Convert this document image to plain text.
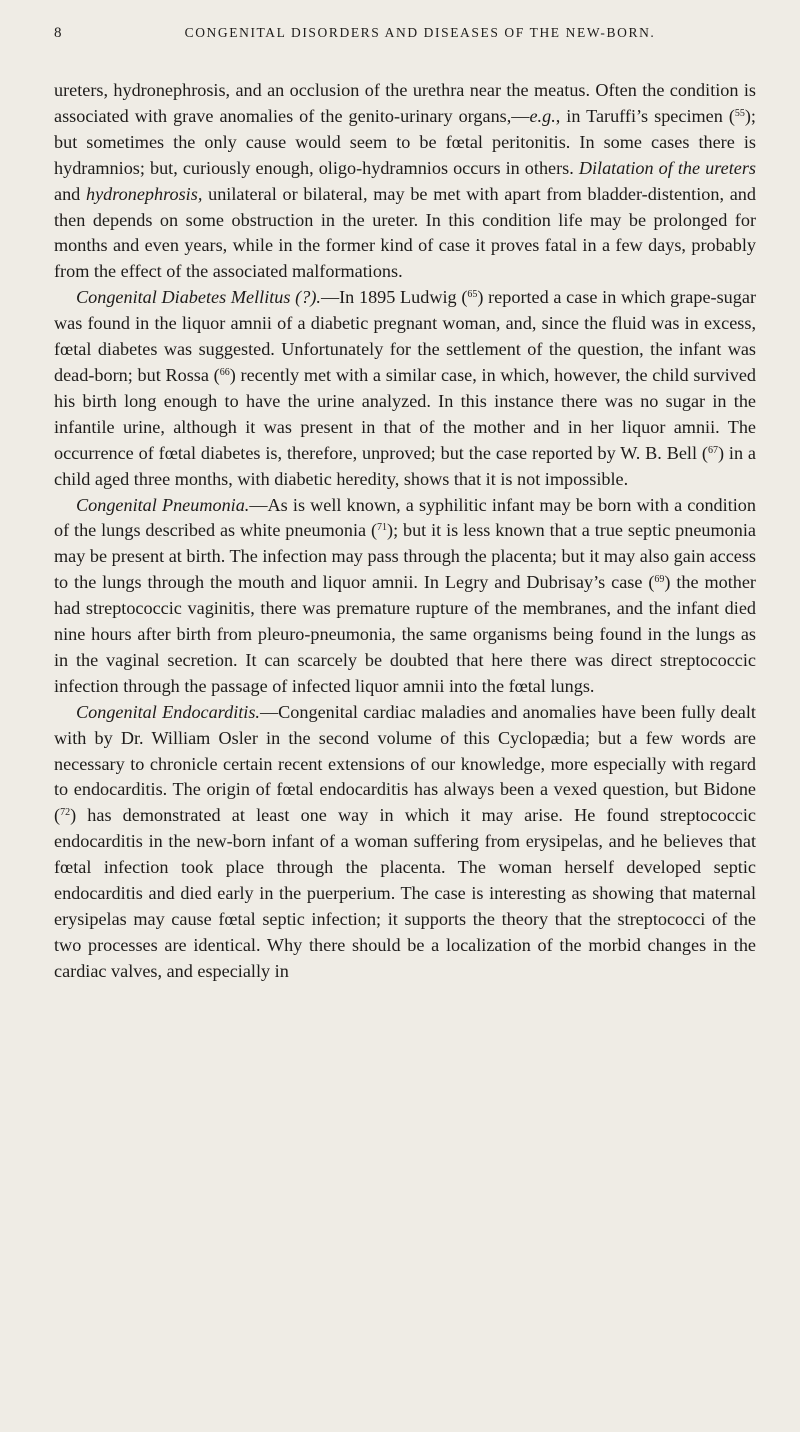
8	CONGENITAL DISORDERS AND DISEASES OF THE NEW-BORN.

ureters, hydronephrosis, and an occlusion of the urethra near the meatus. Often the condition is associated with grave anomalies of the genito-urinary organs,—e.g., in Taruffi’s specimen ($^{55}$); but sometimes the only cause would seem to be fœtal peritonitis. In some cases there is hydramnios; but, curiously enough, oligo-hydramnios occurs in others. Dilatation of the ureters and hydronephrosis, unilateral or bilateral, may be met with apart from bladder-distention, and then depends on some obstruction in the ureter. In this condition life may be prolonged for months and even years, while in the former kind of case it proves fatal in a few days, probably from the effect of the associated malformations.

Congenital Diabetes Mellitus (?).—In 1895 Ludwig ($^{65}$) reported a case in which grape-sugar was found in the liquor amnii of a diabetic pregnant woman, and, since the fluid was in excess, fœtal diabetes was suggested. Unfortunately for the settlement of the question, the infant was dead-born; but Rossa ($^{66}$) recently met with a similar case, in which, however, the child survived his birth long enough to have the urine analyzed. In this instance there was no sugar in the infantile urine, although it was present in that of the mother and in her liquor amnii. The occurrence of fœtal diabetes is, therefore, unproved; but the case reported by W. B. Bell ($^{67}$) in a child aged three months, with diabetic heredity, shows that it is not impossible.

Congenital Pneumonia.—As is well known, a syphilitic infant may be born with a condition of the lungs described as white pneumonia ($^{71}$); but it is less known that a true septic pneumonia may be present at birth. The infection may pass through the placenta; but it may also gain access to the lungs through the mouth and liquor amnii. In Legry and Dubrisay’s case ($^{69}$) the mother had streptococcic vaginitis, there was premature rupture of the membranes, and the infant died nine hours after birth from pleuro-pneumonia, the same organisms being found in the lungs as in the vaginal secretion. It can scarcely be doubted that here there was direct streptococcic infection through the passage of infected liquor amnii into the fœtal lungs.

Congenital Endocarditis.—Congenital cardiac maladies and anomalies have been fully dealt with by Dr. William Osler in the second volume of this Cyclopædia; but a few words are necessary to chronicle certain recent extensions of our knowledge, more especially with regard to endocarditis. The origin of fœtal endocarditis has always been a vexed question, but Bidone ($^{72}$) has demonstrated at least one way in which it may arise. He found streptococcic endocarditis in the new-born infant of a woman suffering from erysipelas, and he believes that fœtal infection took place through the placenta. The woman herself developed septic endocarditis and died early in the puerperium. The case is interesting as showing that maternal erysipelas may cause fœtal septic infection; it supports the theory that the streptococci of the two processes are identical. Why there should be a localization of the morbid changes in the cardiac valves, and especially in
